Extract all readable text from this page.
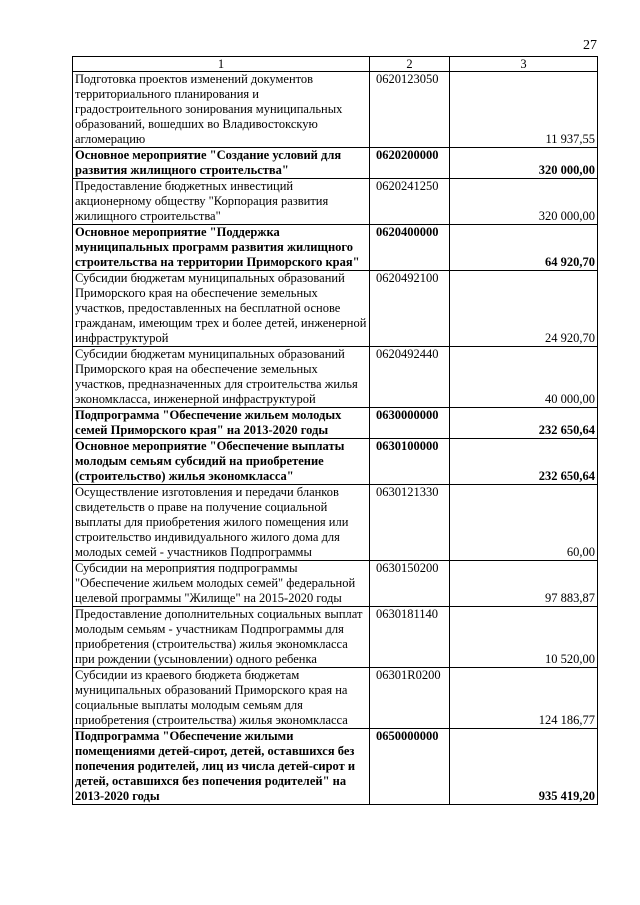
27
1	2	3
Подготовка проектов изменений документов территориального планирования и градостроительного зонирования муниципальных образований, вошедших во Владивостокскую агломерацию	0620123050	11 937,55
Основное мероприятие "Создание условий для развития жилищного строительства"	0620200000	320 000,00
Предоставление бюджетных инвестиций акционерному обществу "Корпорация развития жилищного строительства"	0620241250	320 000,00
Основное мероприятие "Поддержка муниципальных программ развития жилищного строительства на территории Приморского края"	0620400000	64 920,70
Субсидии бюджетам муниципальных образований Приморского края на обеспечение земельных участков, предоставленных на бесплатной основе гражданам, имеющим трех и более детей, инженерной инфраструктурой	0620492100	24 920,70
Субсидии бюджетам муниципальных образований Приморского края на обеспечение земельных участков, предназначенных для строительства жилья экономкласса, инженерной инфраструктурой	0620492440	40 000,00
Подпрограмма "Обеспечение жильем молодых семей Приморского края" на 2013-2020 годы	0630000000	232 650,64
Основное мероприятие "Обеспечение выплаты молодым семьям субсидий на приобретение (строительство) жилья экономкласса"	0630100000	232 650,64
Осуществление изготовления и передачи бланков свидетельств о праве на получение социальной выплаты для приобретения жилого помещения или строительство индивидуального жилого дома для молодых семей - участников Подпрограммы	0630121330	60,00
Субсидии на мероприятия подпрограммы "Обеспечение жильем молодых семей" федеральной целевой программы "Жилище" на 2015-2020 годы	0630150200	97 883,87
Предоставление дополнительных социальных выплат молодым семьям - участникам Подпрограммы для приобретения (строительства) жилья экономкласса при рождении (усыновлении) одного ребенка	0630181140	10 520,00
Субсидии из краевого бюджета бюджетам муниципальных образований Приморского края на социальные выплаты молодым семьям для приобретения (строительства) жилья экономкласса	06301R0200	124 186,77
Подпрограмма "Обеспечение жилыми помещениями детей-сирот, детей, оставшихся без попечения родителей, лиц из числа детей-сирот и детей, оставшихся без попечения родителей" на 2013-2020 годы	0650000000	935 419,20
